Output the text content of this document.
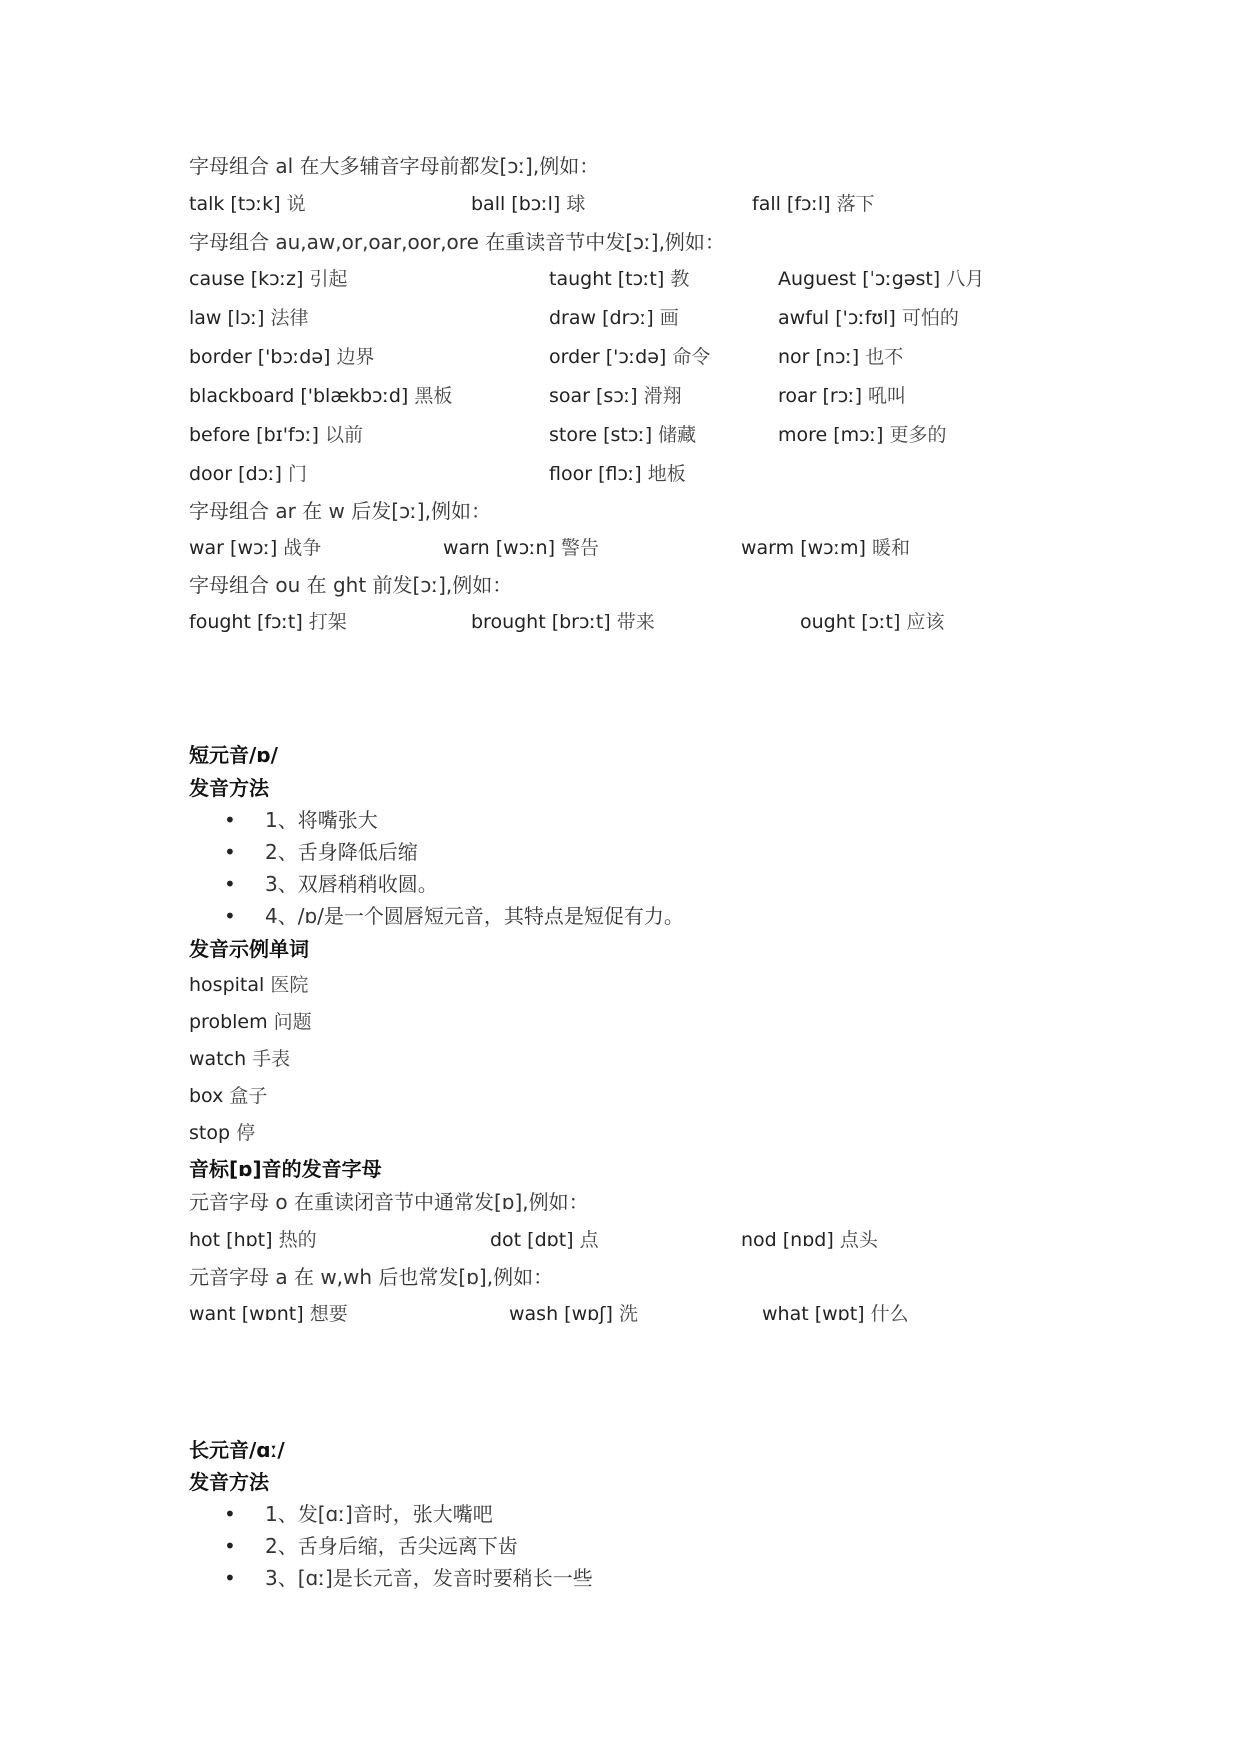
字母组合 al 在大多辅音字母前都发[ɔː],例如：
talk [tɔːk] 说	ball [bɔːl] 球	fall [fɔːl] 落下
字母组合 au,aw,or,oar,oor,ore 在重读音节中发[ɔː],例如：
cause [kɔːz] 引起	taught [tɔːt] 教	Auguest [ˈɔːgəst] 八月
law [lɔː] 法律	draw [drɔː] 画	awful ['ɔːfʊl] 可怕的
border ['bɔːdə] 边界	order ['ɔːdə] 命令	nor [nɔː] 也不
blackboard ['blækbɔːd] 黑板	soar [sɔː] 滑翔	roar [rɔː] 吼叫
before [bɪ'fɔː] 以前	store [stɔː] 储藏	more [mɔː] 更多的
door [dɔː] 门	floor [flɔː] 地板
字母组合 ar 在 w 后发[ɔː],例如：
war [wɔː] 战争	warn [wɔːn] 警告	warm [wɔːm] 暖和
字母组合 ou 在 ght 前发[ɔː],例如：
fought [fɔːt] 打架	brought [brɔːt] 带来	ought [ɔːt] 应该
短元音/ɒ/
发音方法
• 1、将嘴张大
• 2、舌身降低后缩
• 3、双唇稍稍收圆。
• 4、/ɒ/是一个圆唇短元音，其特点是短促有力。
发音示例单词
hospital 医院
problem 问题
watch 手表
box 盒子
stop 停
音标[ɒ]音的发音字母
元音字母 o 在重读闭音节中通常发[ɒ],例如：
hot [hɒt] 热的	dot [dɒt] 点	nod [nɒd] 点头
元音字母 a 在 w,wh 后也常发[ɒ],例如：
want [wɒnt] 想要	wash [wɒʃ] 洗	what [wɒt] 什么
长元音/ɑː/
发音方法
• 1、发[ɑː]音时，张大嘴吧
• 2、舌身后缩，舌尖远离下齿
• 3、[ɑː]是长元音，发音时要稍长一些
